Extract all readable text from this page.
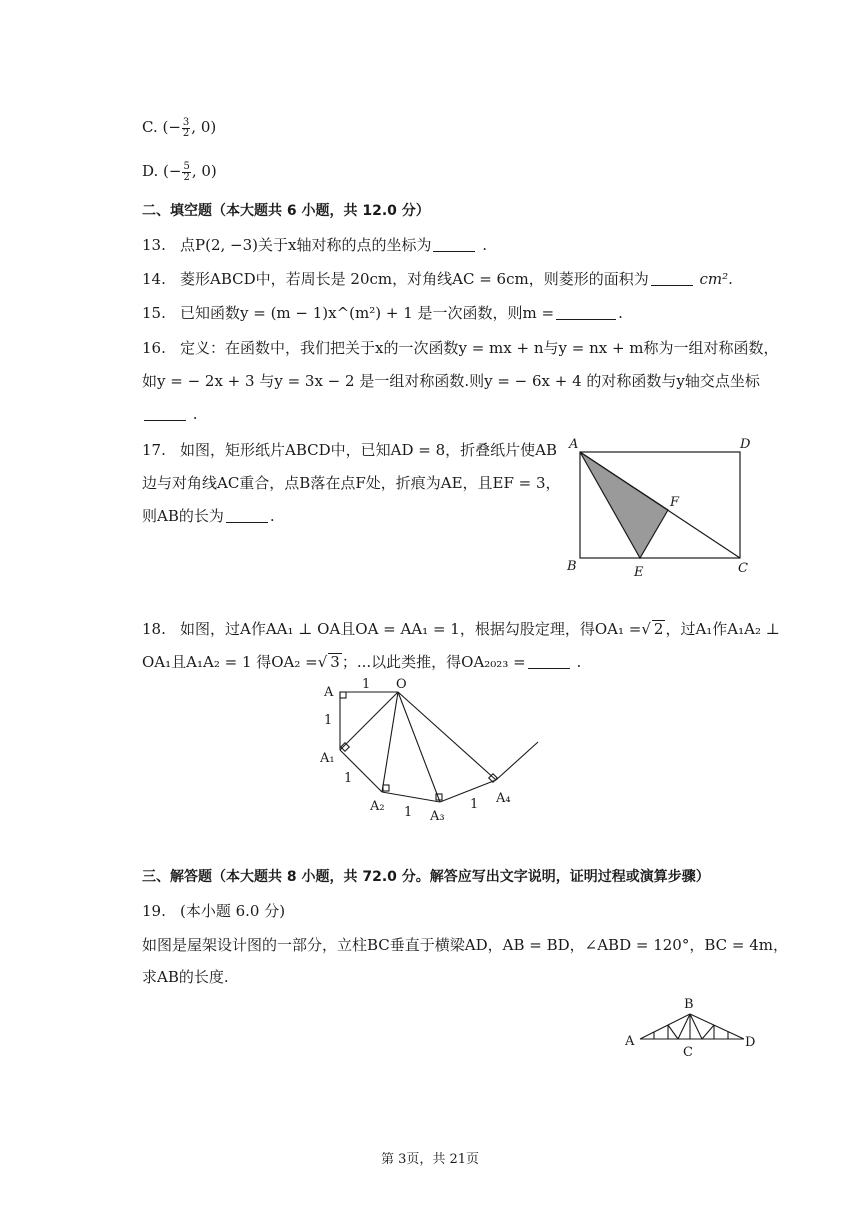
C. (− $\frac{3}{2}$ , 0)
D. (− $\frac{5}{2}$ , 0)
二、填空题（本大题共 6 小题，共 12.0 分）
13. 点P(2, −3)关于x轴对称的点的坐标为	.
14. 菱形ABCD中，若周长是 20cm，对角线AC = 6cm，则菱形的面积为	cm².
15. 已知函数y = (m − 1)x^(m²) + 1 是一次函数，则m =	.
16. 定义：在函数中，我们把关于x的一次函数y = mx + n与y = nx + m称为一组对称函数，
如y = − 2x + 3 与y = 3x − 2 是一组对称函数.则y = − 6x + 4 的对称函数与y轴交点坐标
.
17. 如图，矩形纸片ABCD中，已知AD = 8，折叠纸片使AB
边与对角线AC重合，点B落在点F处，折痕为AE，且EF = 3，
则AB的长为	.
A	D
B	E
F
C
18. 如图，过A作AA₁ ⊥ OA且OA = AA₁ = 1，根据勾股定理，得OA₁ =√ 2 ，过A₁作A₁A₂ ⊥
OA₁且A₁A₂ = 1 得OA₂ =√ 3 ；...以此类推，得OA₂₀₂₃ =	.
A
O
1
1
A₁
1
A₂ 1 A₃
1 A₄
三、解答题（本大题共 8 小题，共 72.0 分。解答应写出文字说明，证明过程或演算步骤）
19. (本小题 6.0 分)
如图是屋架设计图的一部分，立柱BC垂直于横梁AD，AB = BD，∠ABD = 120°，BC = 4m，
求AB的长度.
A
B
C
D
第 3页，共 21页
